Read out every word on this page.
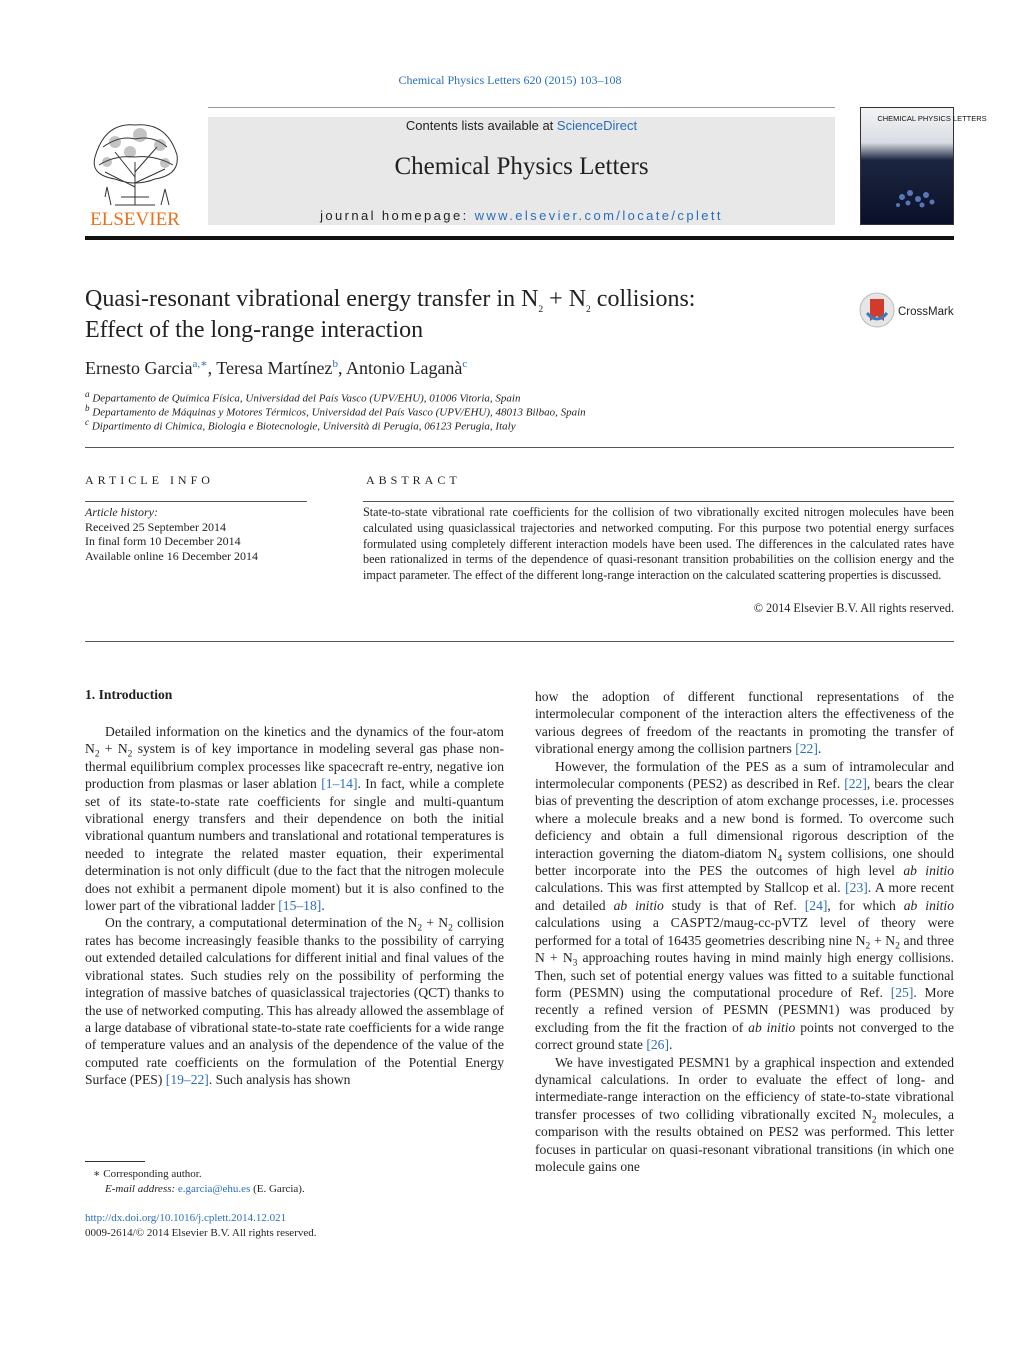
Chemical Physics Letters 620 (2015) 103–108
ELSEVIER
Contents lists available at ScienceDirect
Chemical Physics Letters
journal homepage: www.elsevier.com/locate/cplett
CHEMICAL PHYSICS LETTERS
Quasi-resonant vibrational energy transfer in $N_2 + N_2$ collisions:
Effect of the long-range interaction
CrossMark
Ernesto Garcia$^{a,∗}$, Teresa Martínez$^b$, Antonio Laganà$^c$
$^a$ Departamento de Química Física, Universidad del País Vasco (UPV/EHU), 01006 Vitoria, Spain
$^b$ Departamento de Máquinas y Motores Térmicos, Universidad del País Vasco (UPV/EHU), 48013 Bilbao, Spain
$^c$ Dipartimento di Chimica, Biologia e Biotecnologie, Università di Perugia, 06123 Perugia, Italy
ARTICLE INFO	ABSTRACT
Article history:
Received 25 September 2014
In final form 10 December 2014
Available online 16 December 2014
State-to-state vibrational rate coefficients for the collision of two vibrationally excited nitrogen molecules have been calculated using quasiclassical trajectories and networked computing. For this purpose two potential energy surfaces formulated using completely different interaction models have been used. The differences in the calculated rates have been rationalized in terms of the dependence of quasi-resonant transition probabilities on the collision energy and the impact parameter. The effect of the different long-range interaction on the calculated scattering properties is discussed.
© 2014 Elsevier B.V. All rights reserved.
1. Introduction

Detailed information on the kinetics and the dynamics of the four-atom $N_2 + N_2$ system is of key importance in modeling several gas phase non-thermal equilibrium complex processes like spacecraft re-entry, negative ion production from plasmas or laser ablation [1–14]. In fact, while a complete set of its state-to-state rate coefficients for single and multi-quantum vibrational energy transfers and their dependence on both the initial vibrational quantum numbers and translational and rotational temperatures is needed to integrate the related master equation, their experimental determination is not only difficult (due to the fact that the nitrogen molecule does not exhibit a permanent dipole moment) but it is also confined to the lower part of the vibrational ladder [15–18].

On the contrary, a computational determination of the $N_2 + N_2$ collision rates has become increasingly feasible thanks to the possibility of carrying out extended detailed calculations for different initial and final values of the vibrational states. Such studies rely on the possibility of performing the integration of massive batches of quasiclassical trajectories (QCT) thanks to the use of networked computing. This has already allowed the assemblage of a large database of vibrational state-to-state rate coefficients for a wide range of temperature values and an analysis of the dependence of the value of the computed rate coefficients on the formulation of the Potential Energy Surface (PES) [19–22]. Such analysis has shown

how the adoption of different functional representations of the intermolecular component of the interaction alters the effectiveness of the various degrees of freedom of the reactants in promoting the transfer of vibrational energy among the collision partners [22].

However, the formulation of the PES as a sum of intramolecular and intermolecular components (PES2) as described in Ref. [22], bears the clear bias of preventing the description of atom exchange processes, i.e. processes where a molecule breaks and a new bond is formed. To overcome such deficiency and obtain a full dimensional rigorous description of the interaction governing the diatom-diatom $N_4$ system collisions, one should better incorporate into the PES the outcomes of high level ab initio calculations. This was first attempted by Stallcop et al. [23]. A more recent and detailed ab initio study is that of Ref. [24], for which ab initio calculations using a CASPT2/maug-cc-pVTZ level of theory were performed for a total of 16435 geometries describing nine $N_2 + N_2$ and three $N + N_3$ approaching routes having in mind mainly high energy collisions. Then, such set of potential energy values was fitted to a suitable functional form (PESMN) using the computational procedure of Ref. [25]. More recently a refined version of PESMN (PESMN1) was produced by excluding from the fit the fraction of ab initio points not converged to the correct ground state [26].

We have investigated PESMN1 by a graphical inspection and extended dynamical calculations. In order to evaluate the effect of long- and intermediate-range interaction on the efficiency of state-to-state vibrational transfer processes of two colliding vibrationally excited $N_2$ molecules, a comparison with the results obtained on PES2 was performed. This letter focuses in particular on quasi-resonant vibrational transitions (in which one molecule gains one

∗ Corresponding author.
E-mail address: e.garcia@ehu.es (E. Garcia).
http://dx.doi.org/10.1016/j.cplett.2014.12.021
0009-2614/© 2014 Elsevier B.V. All rights reserved.
